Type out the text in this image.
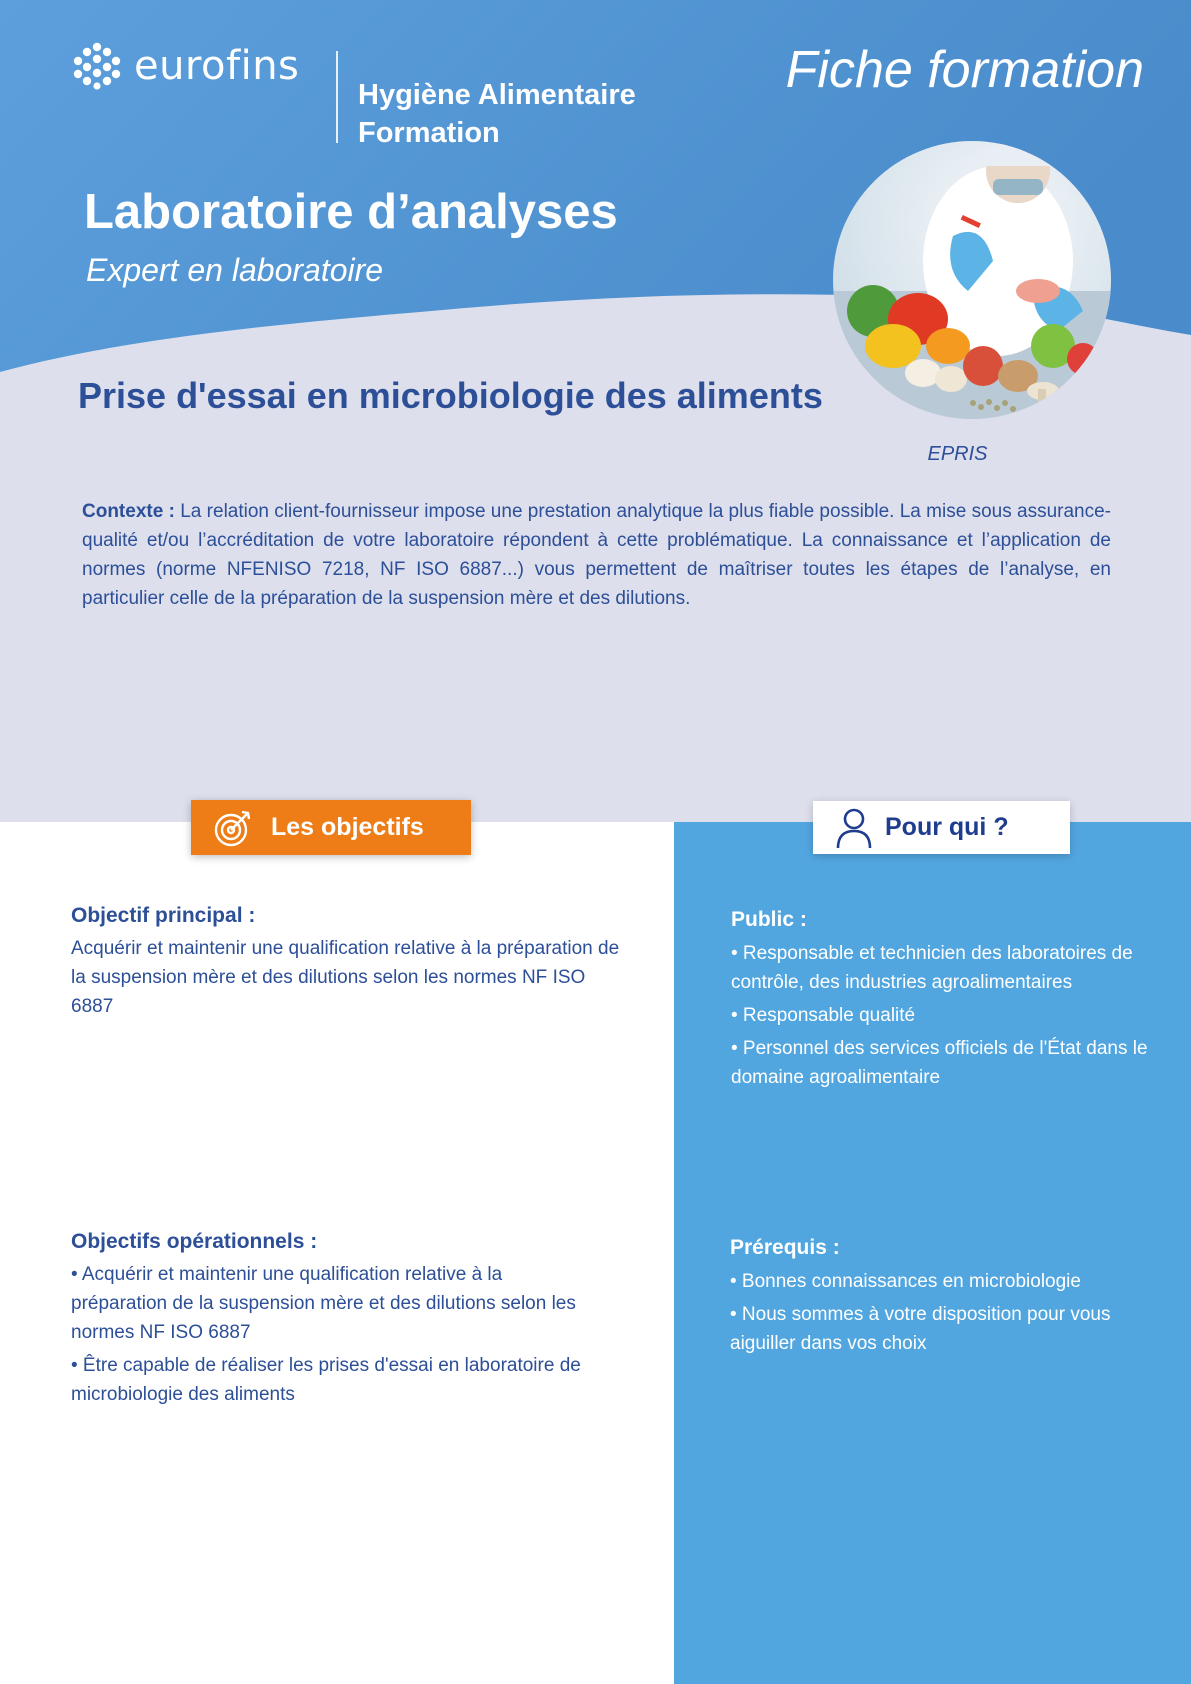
eurofins
Hygiène Alimentaire
Formation
Fiche formation
Laboratoire d’analyses
Expert en laboratoire
Prise d'essai en microbiologie des aliments
EPRIS
Contexte : La relation client-fournisseur impose une prestation analytique la plus fiable possible. La mise sous assurance-qualité et/ou l’accréditation de votre laboratoire répondent à cette problématique. La connaissance et l’application de normes (norme NFENISO 7218, NF ISO 6887...) vous permettent de maîtriser toutes les étapes de l’analyse, en particulier celle de la préparation de la suspension mère et des dilutions.
Les objectifs	Pour qui ?
Objectif principal :
Acquérir et maintenir une qualification relative à la préparation de la suspension mère et des dilutions selon les normes NF ISO 6887
Objectifs opérationnels :
• Acquérir et maintenir une qualification relative à la préparation de la suspension mère et des dilutions selon les normes NF ISO 6887
• Être capable de réaliser les prises d'essai en laboratoire de microbiologie des aliments
Public :
• Responsable et technicien des laboratoires de contrôle, des industries agroalimentaires
• Responsable qualité
• Personnel des services officiels de l'État dans le domaine agroalimentaire
Prérequis :
• Bonnes connaissances en microbiologie
• Nous sommes à votre disposition pour vous aiguiller dans vos choix
